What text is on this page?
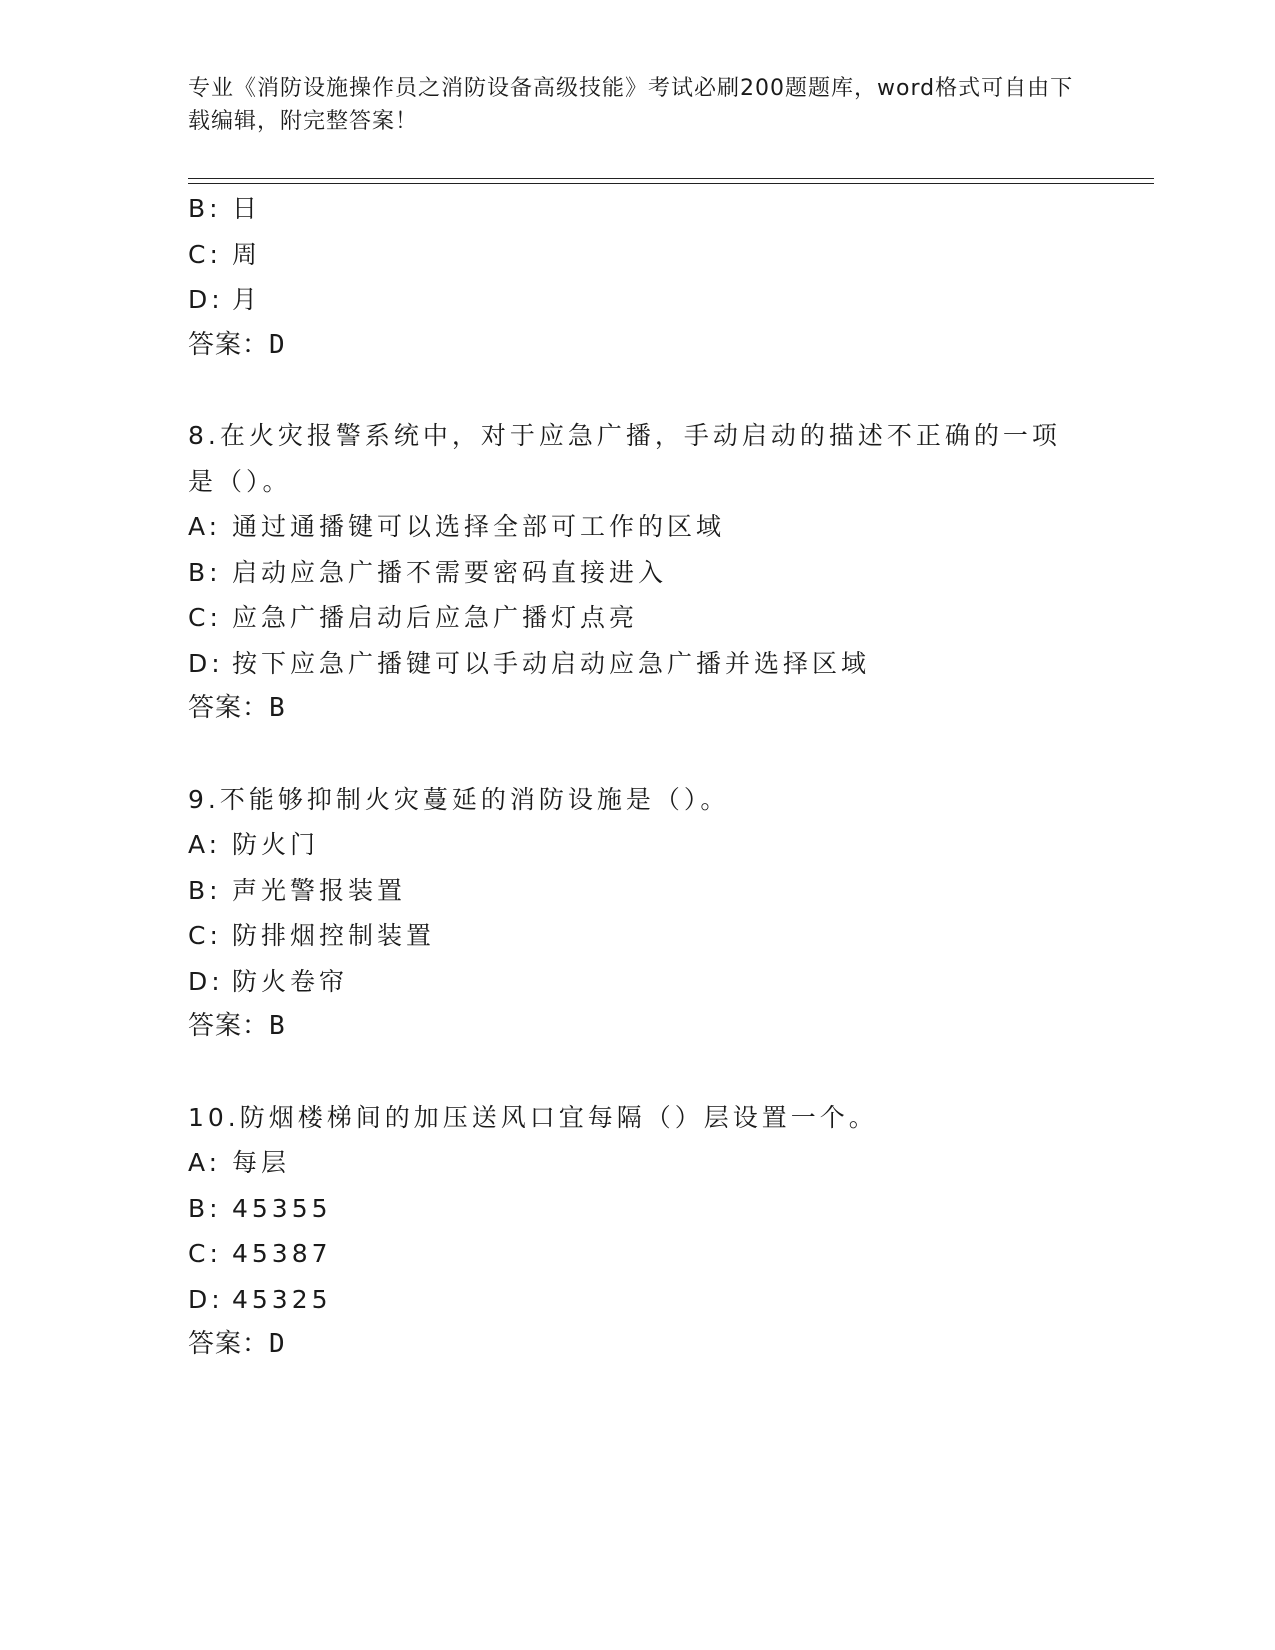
专业《消防设施操作员之消防设备高级技能》考试必刷200题题库，word格式可自由下载编辑，附完整答案！
B: 日
C: 周
D: 月
答案：D
8.在火灾报警系统中，对于应急广播，手动启动的描述不正确的一项是（）。
A: 通过通播键可以选择全部可工作的区域
B: 启动应急广播不需要密码直接进入
C: 应急广播启动后应急广播灯点亮
D: 按下应急广播键可以手动启动应急广播并选择区域
答案：B
9.不能够抑制火灾蔓延的消防设施是（）。
A: 防火门
B: 声光警报装置
C: 防排烟控制装置
D: 防火卷帘
答案：B
10.防烟楼梯间的加压送风口宜每隔（）层设置一个。
A: 每层
B: 45355
C: 45387
D: 45325
答案：D
